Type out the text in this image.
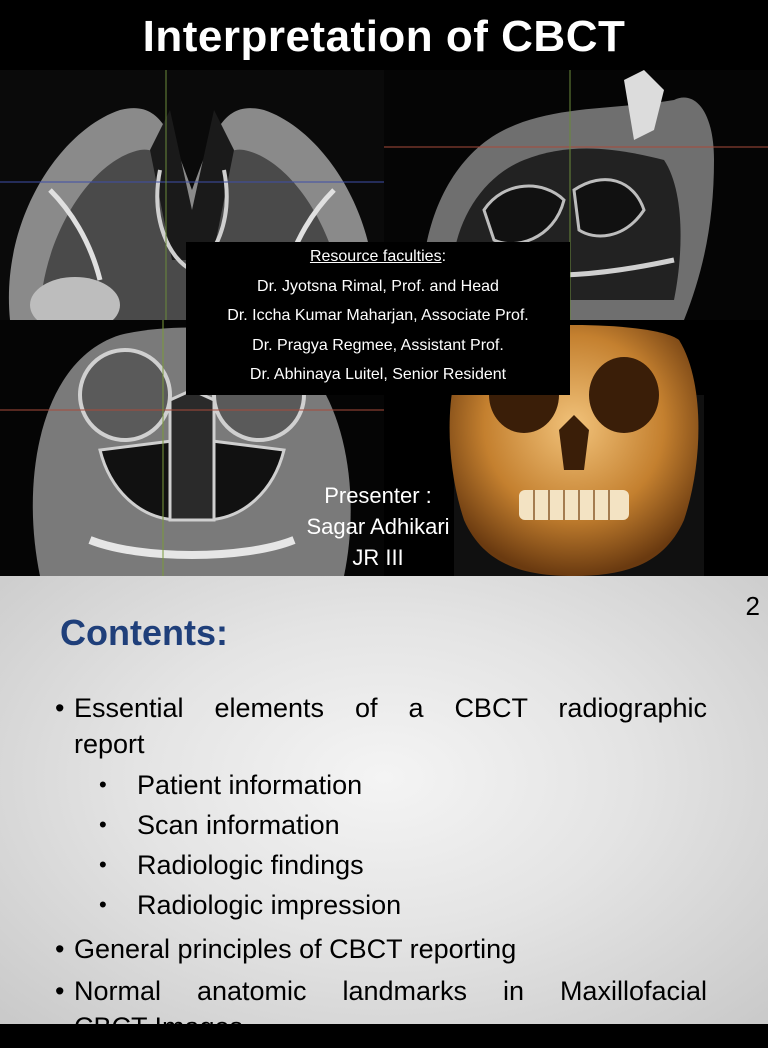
Interpretation of CBCT
Resource faculties:
Dr. Jyotsna Rimal, Prof. and Head
Dr. Iccha Kumar Maharjan, Associate Prof.
Dr. Pragya Regmee, Assistant Prof.
Dr. Abhinaya Luitel, Senior Resident
Presenter :
Sagar Adhikari
JR III
2
Contents:
• Essential elements of a CBCT radiographic
report
• Patient information
• Scan information
• Radiologic findings
• Radiologic impression
• General principles of CBCT reporting
• Normal anatomic landmarks in Maxillofacial
CBCT Images
